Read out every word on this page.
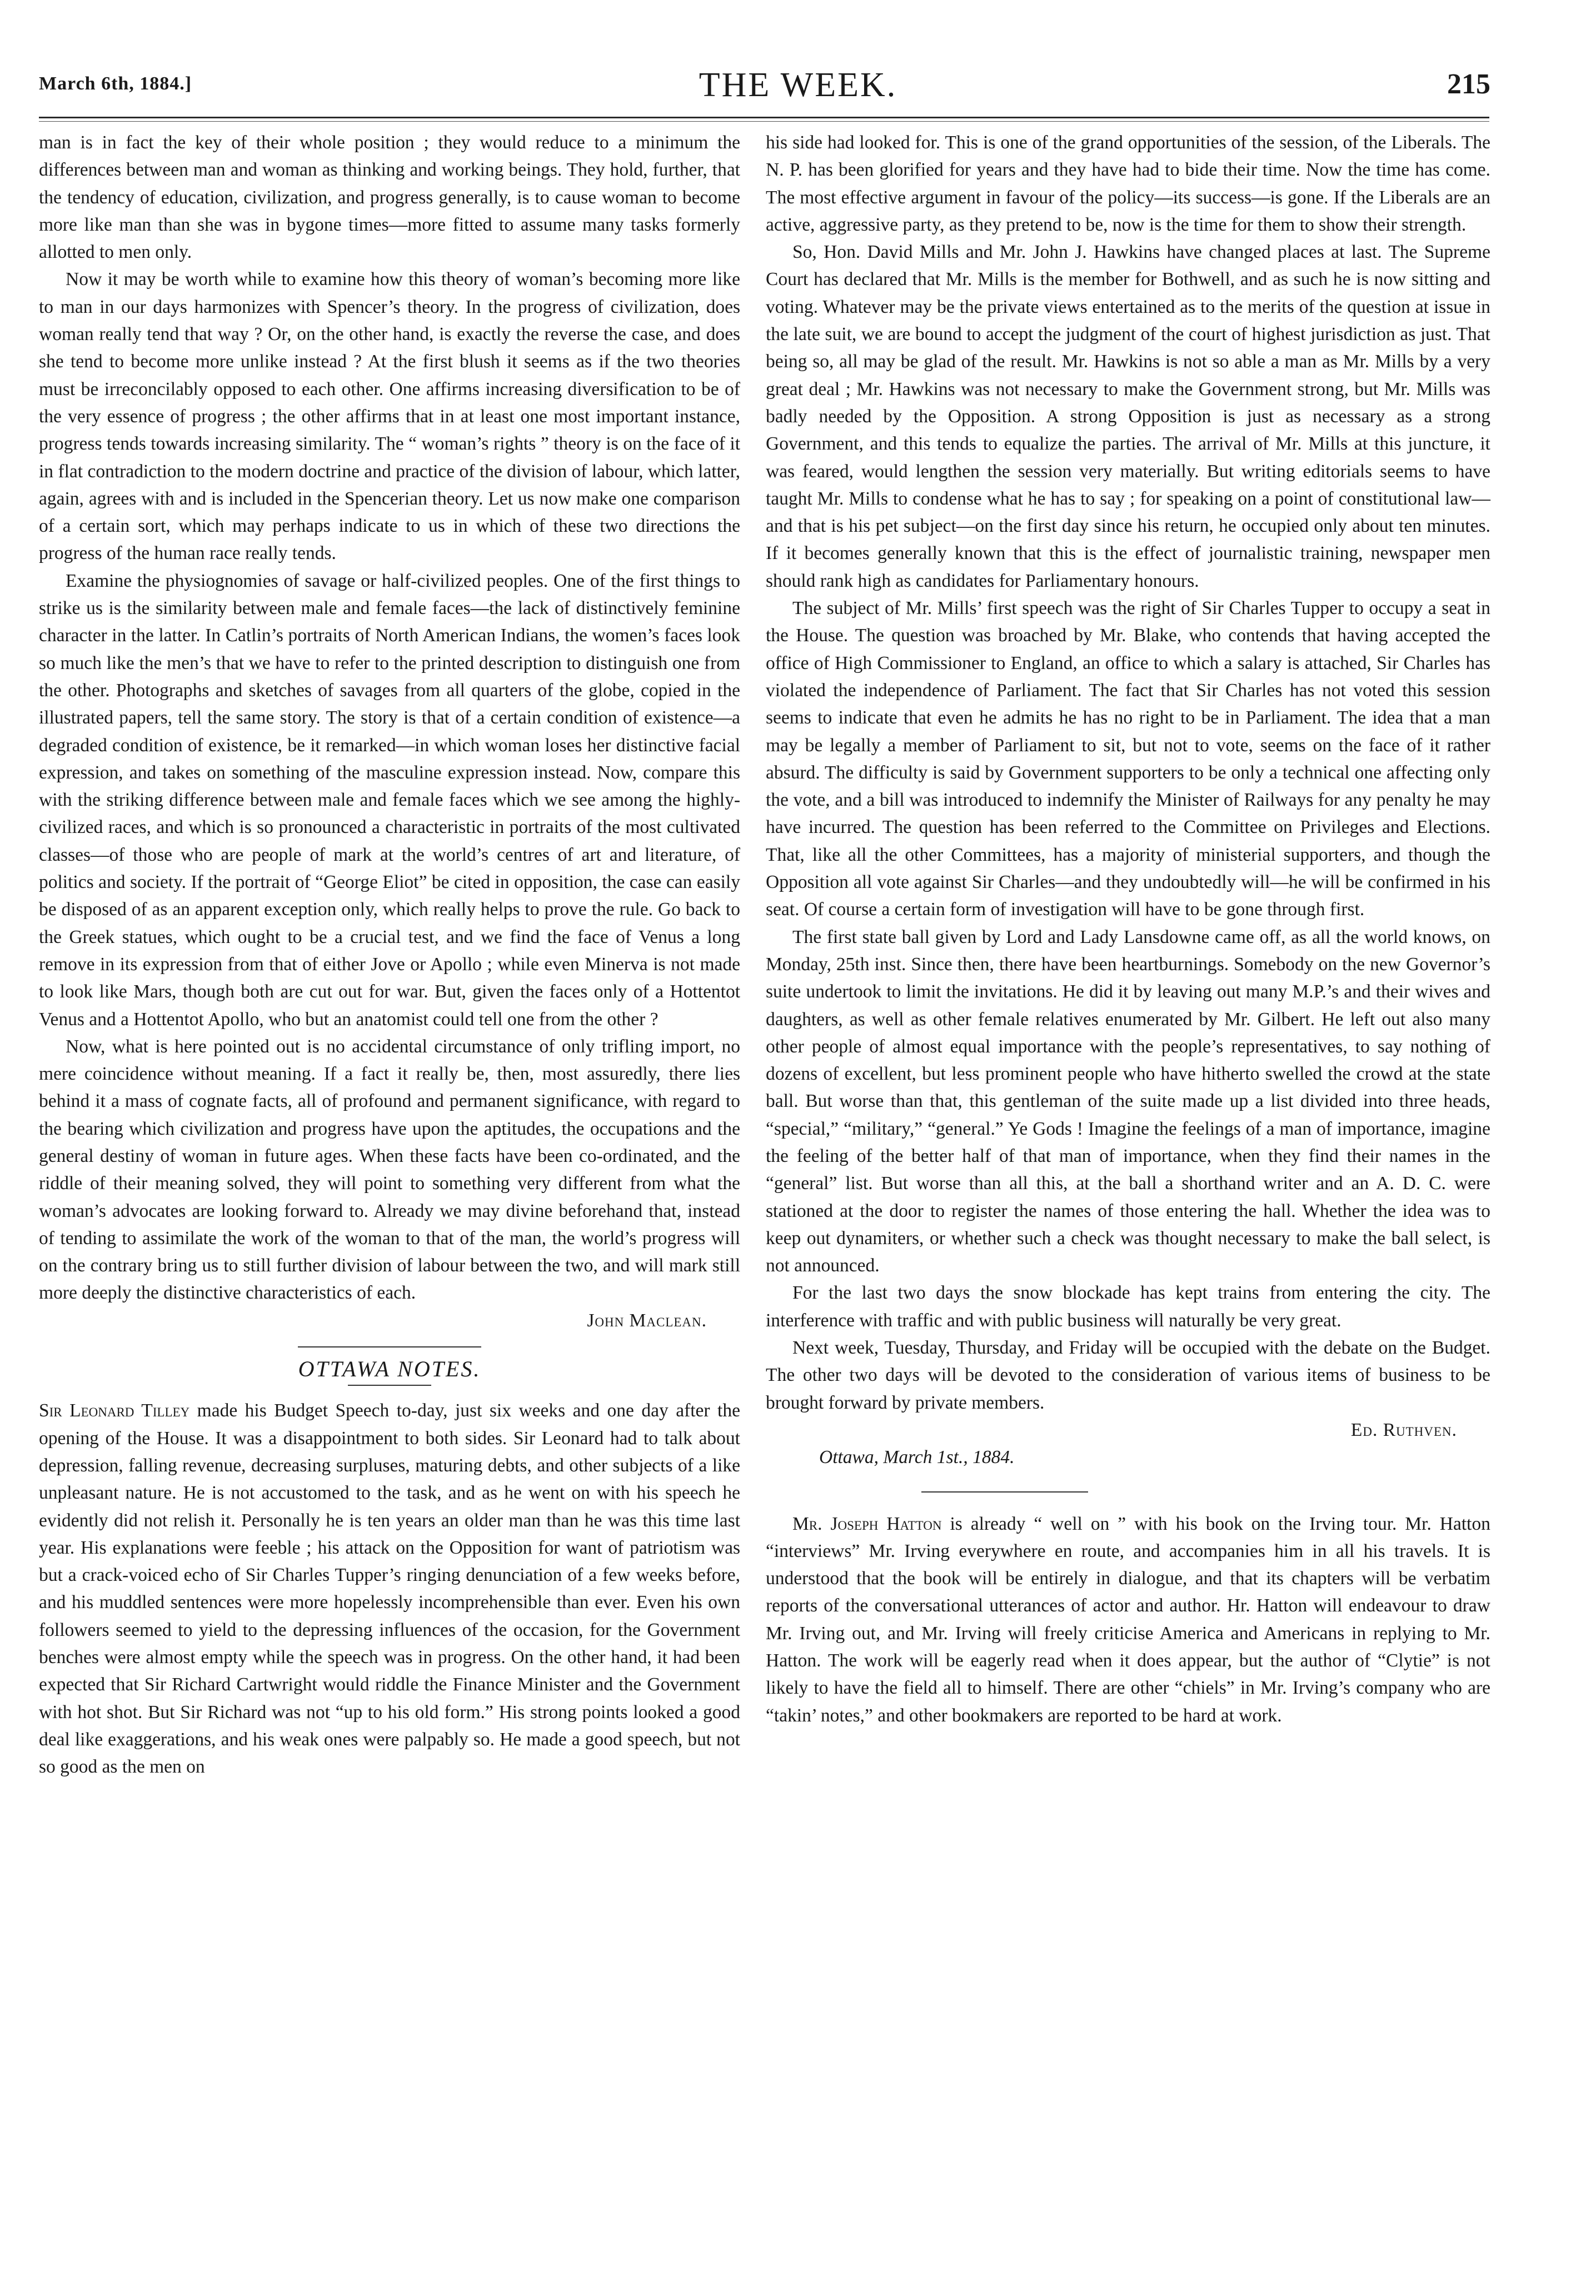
March 6th, 1884.]	THE WEEK.	215

man is in fact the key of their whole position ; they would reduce to a minimum the differences between man and woman as thinking and working beings. They hold, further, that the tendency of education, civilization, and progress generally, is to cause woman to become more like man than she was in bygone times—more fitted to assume many tasks formerly allotted to men only.

Now it may be worth while to examine how this theory of woman’s becoming more like to man in our days harmonizes with Spencer’s theory. In the progress of civilization, does woman really tend that way ? Or, on the other hand, is exactly the reverse the case, and does she tend to become more unlike instead ? At the first blush it seems as if the two theories must be irreconcilably opposed to each other. One affirms increasing diversification to be of the very essence of progress ; the other affirms that in at least one most important instance, progress tends towards increasing similarity. The “ woman’s rights ” theory is on the face of it in flat contradiction to the modern doctrine and practice of the division of labour, which latter, again, agrees with and is included in the Spencerian theory. Let us now make one comparison of a certain sort, which may perhaps indicate to us in which of these two directions the progress of the human race really tends.

Examine the physiognomies of savage or half-civilized peoples. One of the first things to strike us is the similarity between male and female faces—the lack of distinctively feminine character in the latter. In Catlin’s portraits of North American Indians, the women’s faces look so much like the men’s that we have to refer to the printed description to distinguish one from the other. Photographs and sketches of savages from all quarters of the globe, copied in the illustrated papers, tell the same story. The story is that of a certain condition of existence—a degraded condition of existence, be it remarked—in which woman loses her distinctive facial expression, and takes on something of the masculine expression instead. Now, compare this with the striking difference between male and female faces which we see among the highly-civilized races, and which is so pronounced a characteristic in portraits of the most cultivated classes—of those who are people of mark at the world’s centres of art and literature, of politics and society. If the portrait of “George Eliot” be cited in opposition, the case can easily be disposed of as an apparent exception only, which really helps to prove the rule. Go back to the Greek statues, which ought to be a crucial test, and we find the face of Venus a long remove in its expression from that of either Jove or Apollo ; while even Minerva is not made to look like Mars, though both are cut out for war. But, given the faces only of a Hottentot Venus and a Hottentot Apollo, who but an anatomist could tell one from the other ?

Now, what is here pointed out is no accidental circumstance of only trifling import, no mere coincidence without meaning. If a fact it really be, then, most assuredly, there lies behind it a mass of cognate facts, all of profound and permanent significance, with regard to the bearing which civilization and progress have upon the aptitudes, the occupations and the general destiny of woman in future ages. When these facts have been co-ordinated, and the riddle of their meaning solved, they will point to something very different from what the woman’s advocates are looking forward to. Already we may divine beforehand that, instead of tending to assimilate the work of the woman to that of the man, the world’s progress will on the contrary bring us to still further division of labour between the two, and will mark still more deeply the distinctive characteristics of each.

John Maclean.

OTTAWA NOTES.

Sir Leonard Tilley made his Budget Speech to-day, just six weeks and one day after the opening of the House. It was a disappointment to both sides. Sir Leonard had to talk about depression, falling revenue, decreasing surpluses, maturing debts, and other subjects of a like unpleasant nature. He is not accustomed to the task, and as he went on with his speech he evidently did not relish it. Personally he is ten years an older man than he was this time last year. His explanations were feeble ; his attack on the Opposition for want of patriotism was but a crack-voiced echo of Sir Charles Tupper’s ringing denunciation of a few weeks before, and his muddled sentences were more hopelessly incomprehensible than ever. Even his own followers seemed to yield to the depressing influences of the occasion, for the Government benches were almost empty while the speech was in progress. On the other hand, it had been expected that Sir Richard Cartwright would riddle the Finance Minister and the Government with hot shot. But Sir Richard was not “up to his old form.” His strong points looked a good deal like exaggerations, and his weak ones were palpably so. He made a good speech, but not so good as the men on

his side had looked for. This is one of the grand opportunities of the session, of the Liberals. The N. P. has been glorified for years and they have had to bide their time. Now the time has come. The most effective argument in favour of the policy—its success—is gone. If the Liberals are an active, aggressive party, as they pretend to be, now is the time for them to show their strength.

So, Hon. David Mills and Mr. John J. Hawkins have changed places at last. The Supreme Court has declared that Mr. Mills is the member for Bothwell, and as such he is now sitting and voting. Whatever may be the private views entertained as to the merits of the question at issue in the late suit, we are bound to accept the judgment of the court of highest jurisdiction as just. That being so, all may be glad of the result. Mr. Hawkins is not so able a man as Mr. Mills by a very great deal ; Mr. Hawkins was not necessary to make the Government strong, but Mr. Mills was badly needed by the Opposition. A strong Opposition is just as necessary as a strong Government, and this tends to equalize the parties. The arrival of Mr. Mills at this juncture, it was feared, would lengthen the session very materially. But writing editorials seems to have taught Mr. Mills to condense what he has to say ; for speaking on a point of constitutional law—and that is his pet subject—on the first day since his return, he occupied only about ten minutes. If it becomes generally known that this is the effect of journalistic training, newspaper men should rank high as candidates for Parliamentary honours.

The subject of Mr. Mills’ first speech was the right of Sir Charles Tupper to occupy a seat in the House. The question was broached by Mr. Blake, who contends that having accepted the office of High Commissioner to England, an office to which a salary is attached, Sir Charles has violated the independence of Parliament. The fact that Sir Charles has not voted this session seems to indicate that even he admits he has no right to be in Parliament. The idea that a man may be legally a member of Parliament to sit, but not to vote, seems on the face of it rather absurd. The difficulty is said by Government supporters to be only a technical one affecting only the vote, and a bill was introduced to indemnify the Minister of Railways for any penalty he may have incurred. The question has been referred to the Committee on Privileges and Elections. That, like all the other Committees, has a majority of ministerial supporters, and though the Opposition all vote against Sir Charles—and they undoubtedly will—he will be confirmed in his seat. Of course a certain form of investigation will have to be gone through first.

The first state ball given by Lord and Lady Lansdowne came off, as all the world knows, on Monday, 25th inst. Since then, there have been heartburnings. Somebody on the new Governor’s suite undertook to limit the invitations. He did it by leaving out many M.P.’s and their wives and daughters, as well as other female relatives enumerated by Mr. Gilbert. He left out also many other people of almost equal importance with the people’s representatives, to say nothing of dozens of excellent, but less prominent people who have hitherto swelled the crowd at the state ball. But worse than that, this gentleman of the suite made up a list divided into three heads, “special,” “military,” “general.” Ye Gods ! Imagine the feelings of a man of importance, imagine the feeling of the better half of that man of importance, when they find their names in the “general” list. But worse than all this, at the ball a shorthand writer and an A. D. C. were stationed at the door to register the names of those entering the hall. Whether the idea was to keep out dynamiters, or whether such a check was thought necessary to make the ball select, is not announced.

For the last two days the snow blockade has kept trains from entering the city. The interference with traffic and with public business will naturally be very great.

Next week, Tuesday, Thursday, and Friday will be occupied with the debate on the Budget. The other two days will be devoted to the consideration of various items of business to be brought forward by private members.

Ed. Ruthven.

Ottawa, March 1st., 1884.

Mr. Joseph Hatton is already “ well on ” with his book on the Irving tour. Mr. Hatton “interviews” Mr. Irving everywhere en route, and accompanies him in all his travels. It is understood that the book will be entirely in dialogue, and that its chapters will be verbatim reports of the conversational utterances of actor and author. Hr. Hatton will endeavour to draw Mr. Irving out, and Mr. Irving will freely criticise America and Americans in replying to Mr. Hatton. The work will be eagerly read when it does appear, but the author of “Clytie” is not likely to have the field all to himself. There are other “chiels” in Mr. Irving’s company who are “takin’ notes,” and other bookmakers are reported to be hard at work.
